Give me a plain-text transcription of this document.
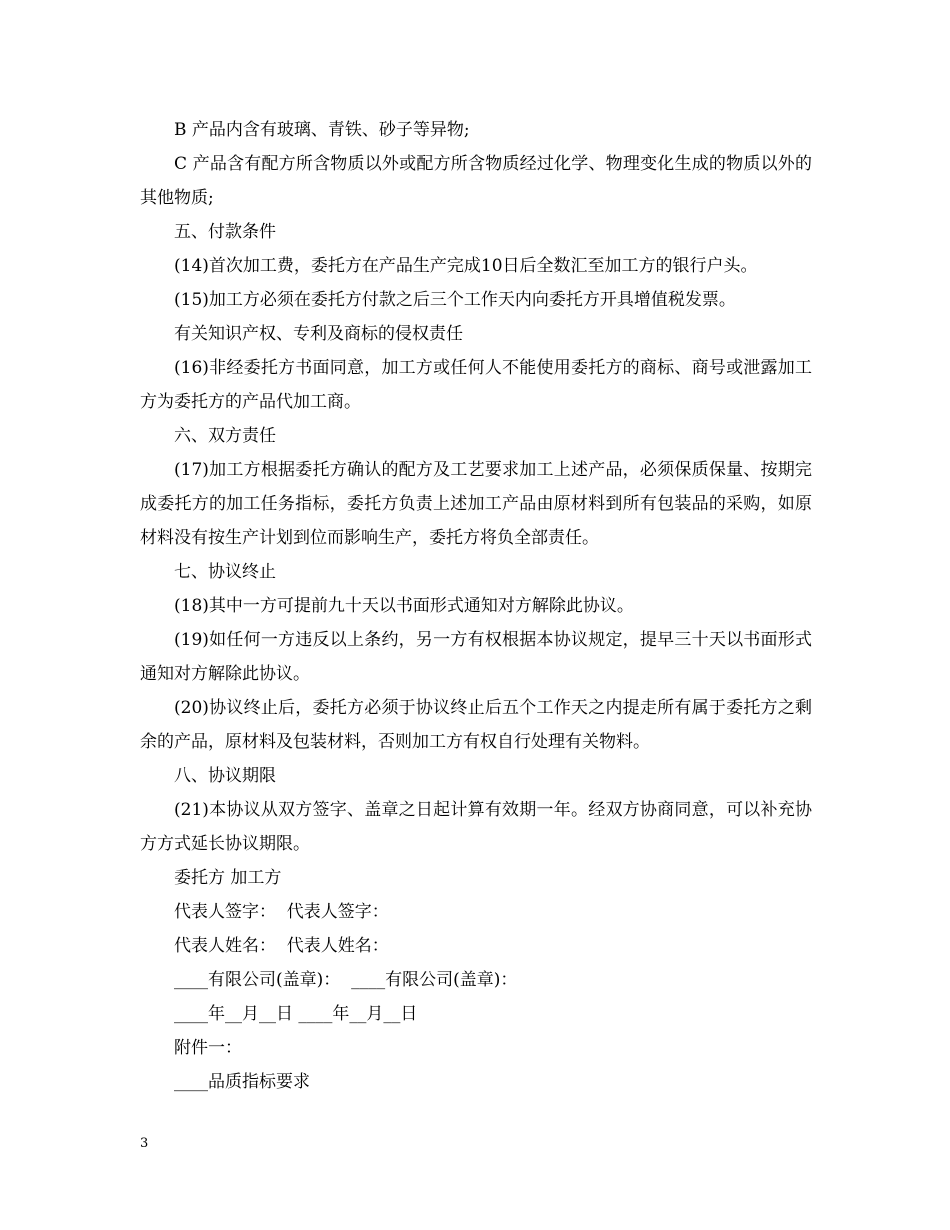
B 产品内含有玻璃、青铁、砂子等异物;

C 产品含有配方所含物质以外或配方所含物质经过化学、物理变化生成的物质以外的其他物质;

五、付款条件

(14)首次加工费，委托方在产品生产完成10日后全数汇至加工方的银行户头。

(15)加工方必须在委托方付款之后三个工作天内向委托方开具增值税发票。

有关知识产权、专利及商标的侵权责任

(16)非经委托方书面同意，加工方或任何人不能使用委托方的商标、商号或泄露加工方为委托方的产品代加工商。

六、双方责任

(17)加工方根据委托方确认的配方及工艺要求加工上述产品，必须保质保量、按期完成委托方的加工任务指标，委托方负责上述加工产品由原材料到所有包装品的采购，如原材料没有按生产计划到位而影响生产，委托方将负全部责任。

七、协议终止

(18)其中一方可提前九十天以书面形式通知对方解除此协议。

(19)如任何一方违反以上条约，另一方有权根据本协议规定，提早三十天以书面形式通知对方解除此协议。

(20)协议终止后，委托方必须于协议终止后五个工作天之内提走所有属于委托方之剩余的产品，原材料及包装材料，否则加工方有权自行处理有关物料。

八、协议期限

(21)本协议从双方签字、盖章之日起计算有效期一年。经双方协商同意，可以补充协方方式延长协议期限。

委托方 加工方

代表人签字：  代表人签字：

代表人姓名：  代表人姓名：

____有限公司(盖章)：  ____有限公司(盖章)：

____年__月__日 ____年__月__日

附件一：

____品质指标要求

3
